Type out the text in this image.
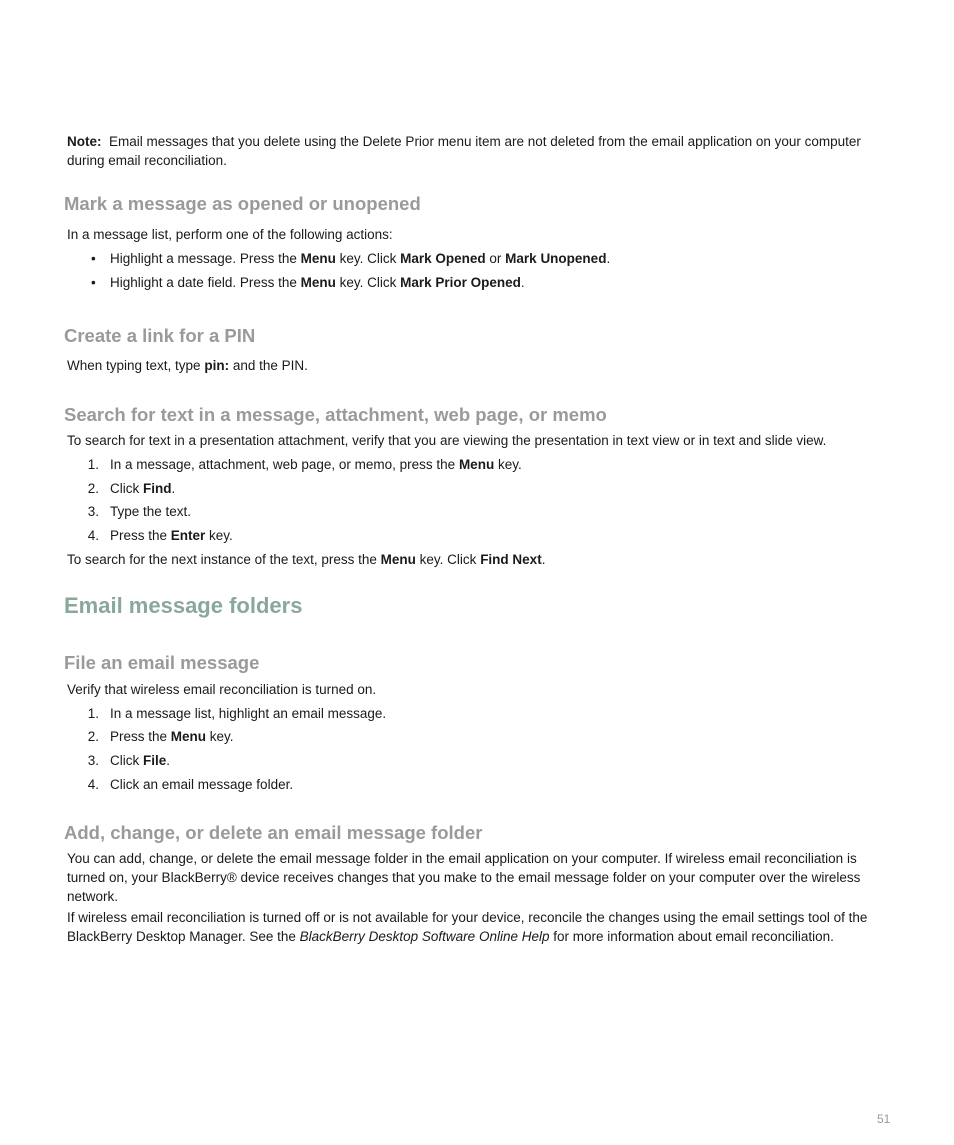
Note: Email messages that you delete using the Delete Prior menu item are not deleted from the email application on your computer during email reconciliation.
Mark a message as opened or unopened
In a message list, perform one of the following actions:
• Highlight a message. Press the Menu key. Click Mark Opened or Mark Unopened.
• Highlight a date field. Press the Menu key. Click Mark Prior Opened.
Create a link for a PIN
When typing text, type pin: and the PIN.
Search for text in a message, attachment, web page, or memo
To search for text in a presentation attachment, verify that you are viewing the presentation in text view or in text and slide view.
1. In a message, attachment, web page, or memo, press the Menu key.
2. Click Find.
3. Type the text.
4. Press the Enter key.
To search for the next instance of the text, press the Menu key. Click Find Next.
Email message folders
File an email message
Verify that wireless email reconciliation is turned on.
1. In a message list, highlight an email message.
2. Press the Menu key.
3. Click File.
4. Click an email message folder.
Add, change, or delete an email message folder
You can add, change, or delete the email message folder in the email application on your computer. If wireless email reconciliation is turned on, your BlackBerry® device receives changes that you make to the email message folder on your computer over the wireless network.
If wireless email reconciliation is turned off or is not available for your device, reconcile the changes using the email settings tool of the BlackBerry Desktop Manager. See the BlackBerry Desktop Software Online Help for more information about email reconciliation.
51
